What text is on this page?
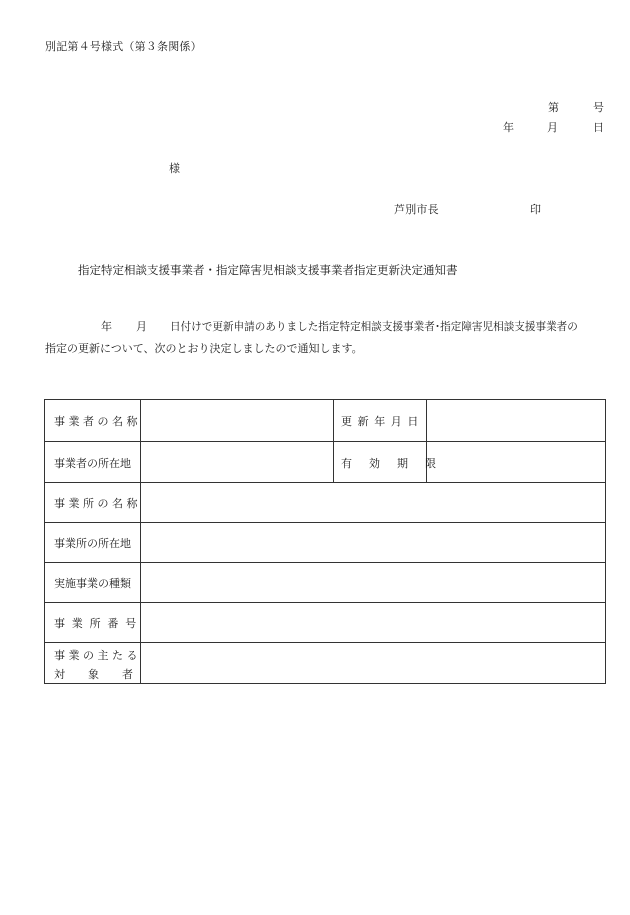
別記第４号様式（第３条関係）
第	号
年	月	日
様
芦別市長	印
指定特定相談支援事業者・指定障害児相談支援事業者指定更新決定通知書
年 月 日付けで更新申請のありました指定特定相談支援事業者･指定障害児相談支援事業者の
指定の更新について、次のとおり決定しましたので通知します。
事業者の名称	更新年月日
事業者の所在地	有効期限
事業所の名称
事業所の所在地
実施事業の種類
事業所番号
事業の主たる
対象者
